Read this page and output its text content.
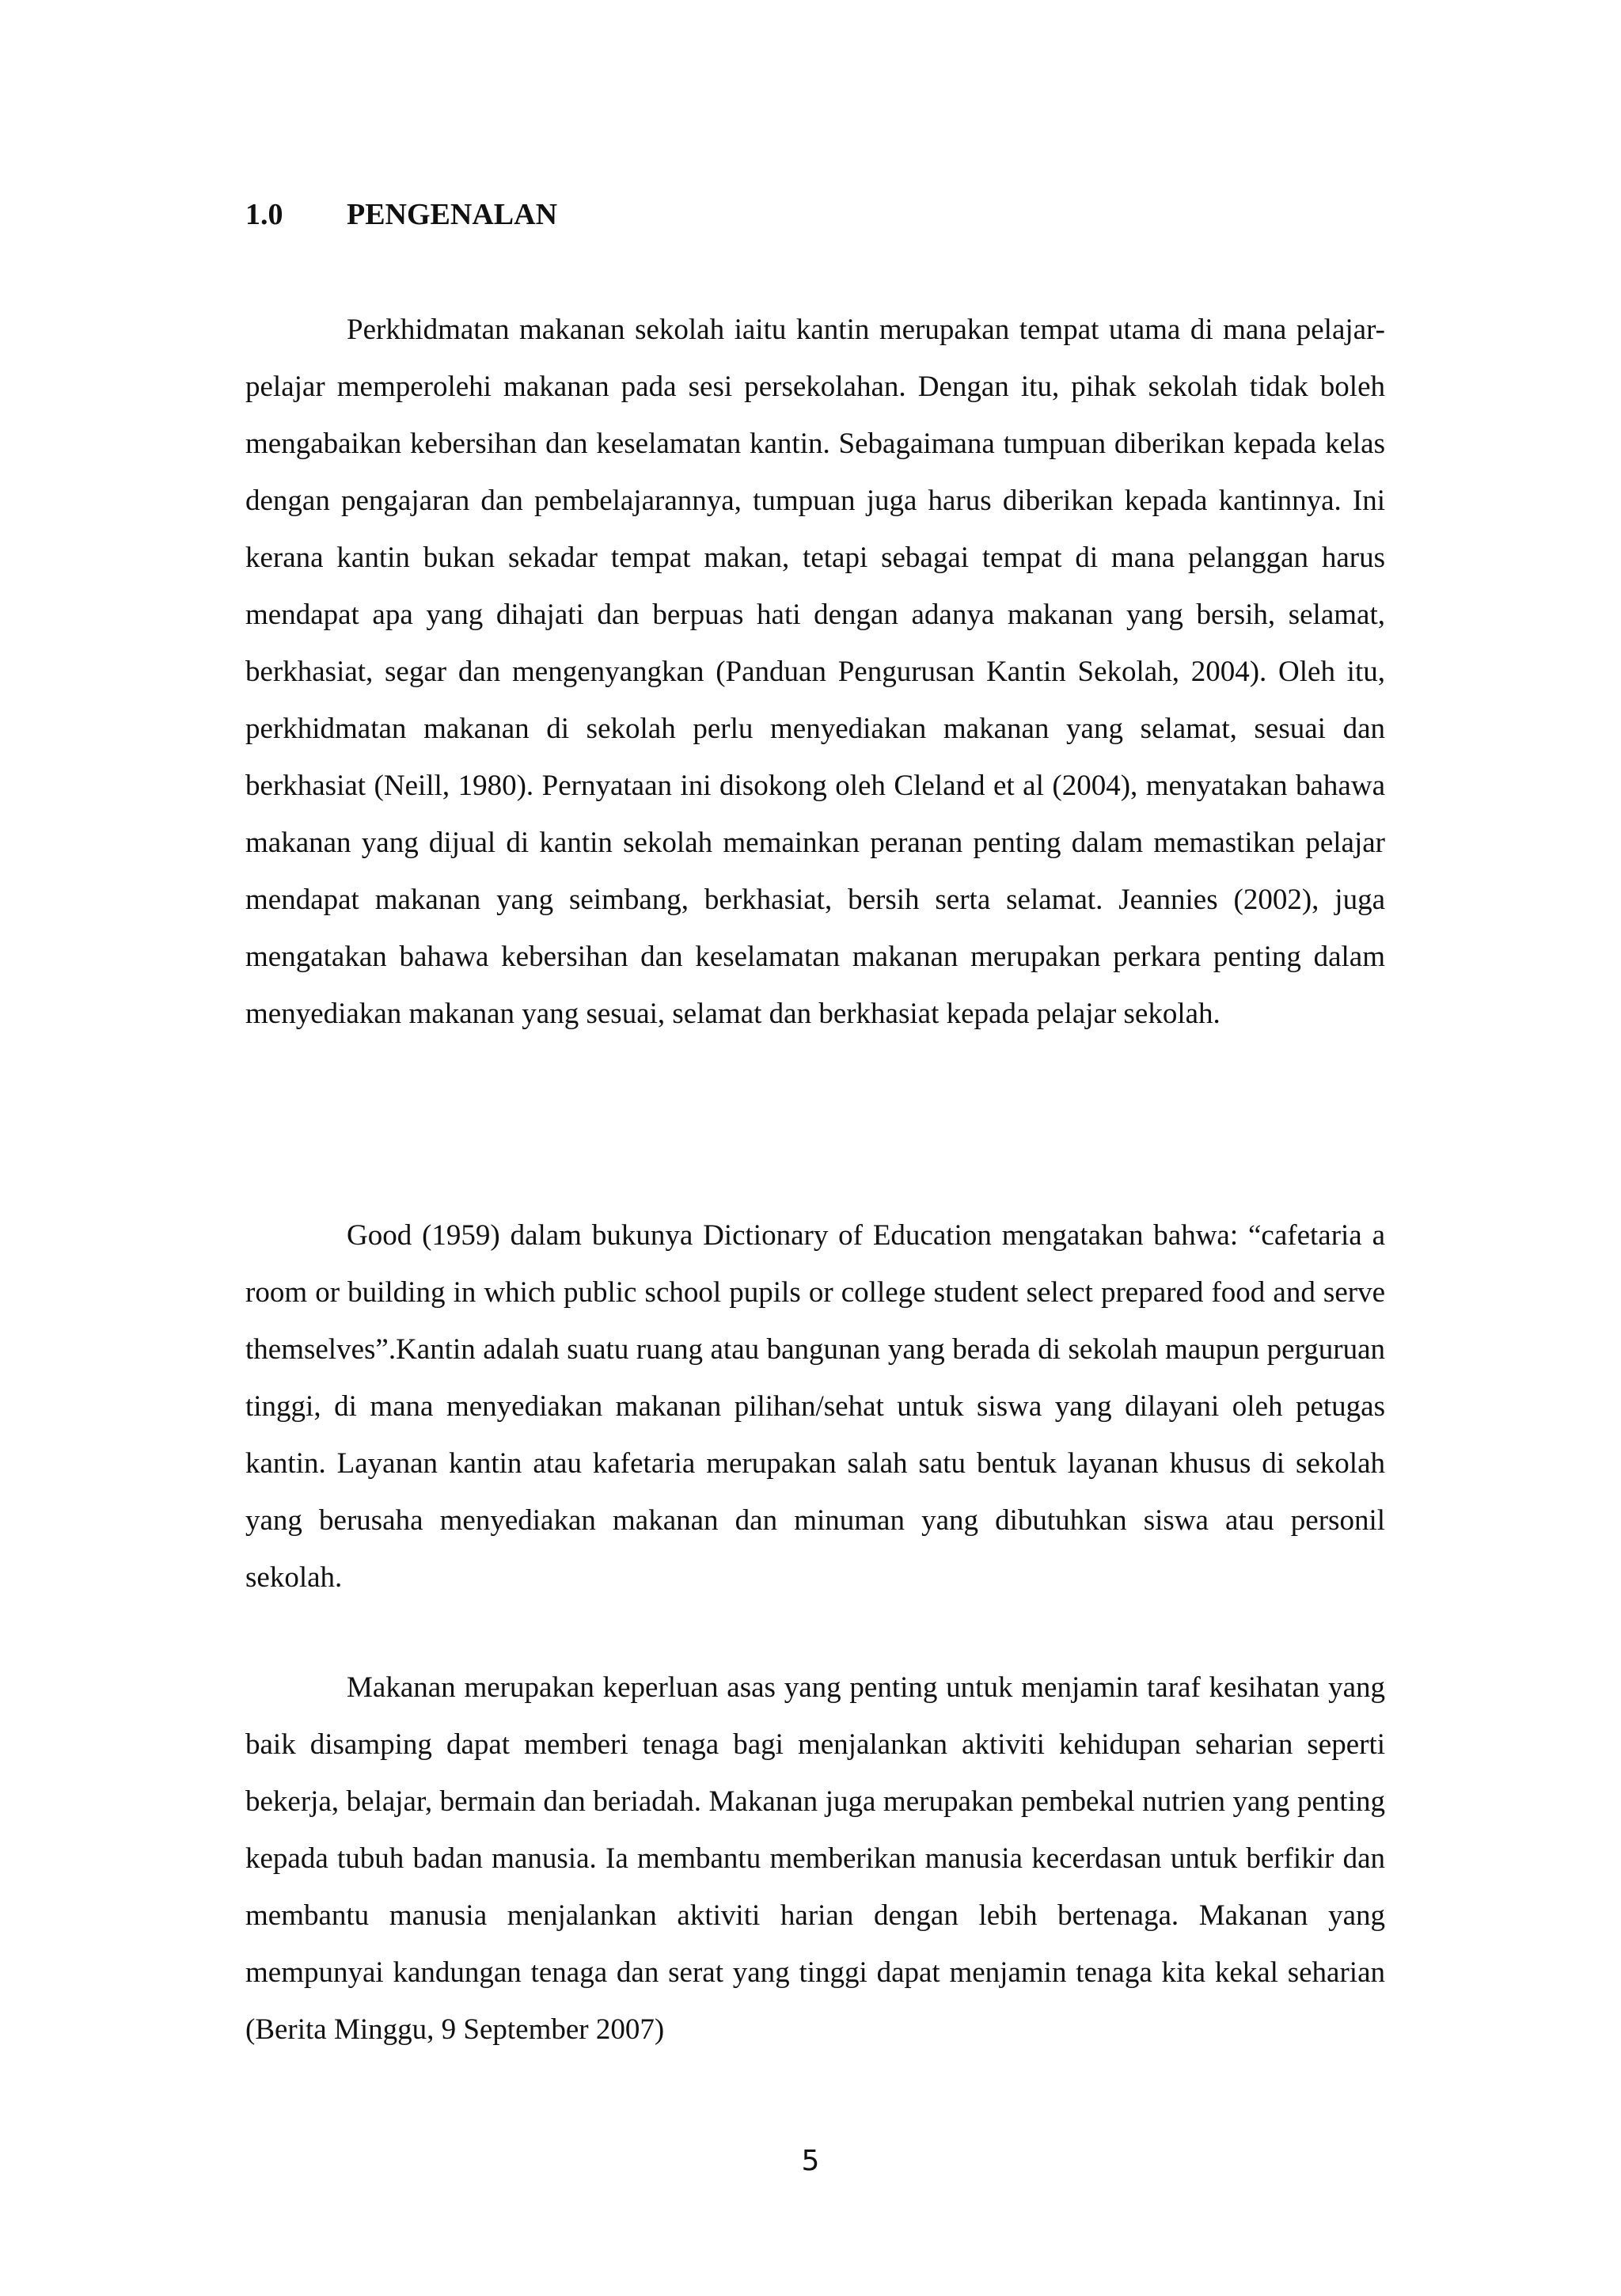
1.0 PENGENALAN

Perkhidmatan makanan sekolah iaitu kantin merupakan tempat utama di mana pelajar-pelajar memperolehi makanan pada sesi persekolahan. Dengan itu, pihak sekolah tidak boleh mengabaikan kebersihan dan keselamatan kantin. Sebagaimana tumpuan diberikan kepada kelas dengan pengajaran dan pembelajarannya, tumpuan juga harus diberikan kepada kantinnya. Ini kerana kantin bukan sekadar tempat makan, tetapi sebagai tempat di mana pelanggan harus mendapat apa yang dihajati dan berpuas hati dengan adanya makanan yang bersih, selamat, berkhasiat, segar dan mengenyangkan (Panduan Pengurusan Kantin Sekolah, 2004). Oleh itu, perkhidmatan makanan di sekolah perlu menyediakan makanan yang selamat, sesuai dan berkhasiat (Neill, 1980). Pernyataan ini disokong oleh Cleland et al (2004), menyatakan bahawa makanan yang dijual di kantin sekolah memainkan peranan penting dalam memastikan pelajar mendapat makanan yang seimbang, berkhasiat, bersih serta selamat. Jeannies (2002), juga mengatakan bahawa kebersihan dan keselamatan makanan merupakan perkara penting dalam menyediakan makanan yang sesuai, selamat dan berkhasiat kepada pelajar sekolah.

Good (1959) dalam bukunya Dictionary of Education mengatakan bahwa: “cafetaria a room or building in which public school pupils or college student select prepared food and serve themselves”.Kantin adalah suatu ruang atau bangunan yang berada di sekolah maupun perguruan tinggi, di mana menyediakan makanan pilihan/sehat untuk siswa yang dilayani oleh petugas kantin. Layanan kantin atau kafetaria merupakan salah satu bentuk layanan khusus di sekolah yang berusaha menyediakan makanan dan minuman yang dibutuhkan siswa atau personil sekolah.

Makanan merupakan keperluan asas yang penting untuk menjamin taraf kesihatan yang baik disamping dapat memberi tenaga bagi menjalankan aktiviti kehidupan seharian seperti bekerja, belajar, bermain dan beriadah. Makanan juga merupakan pembekal nutrien yang penting kepada tubuh badan manusia. Ia membantu memberikan manusia kecerdasan untuk berfikir dan membantu manusia menjalankan aktiviti harian dengan lebih bertenaga. Makanan yang mempunyai kandungan tenaga dan serat yang tinggi dapat menjamin tenaga kita kekal seharian (Berita Minggu, 9 September 2007)

5
